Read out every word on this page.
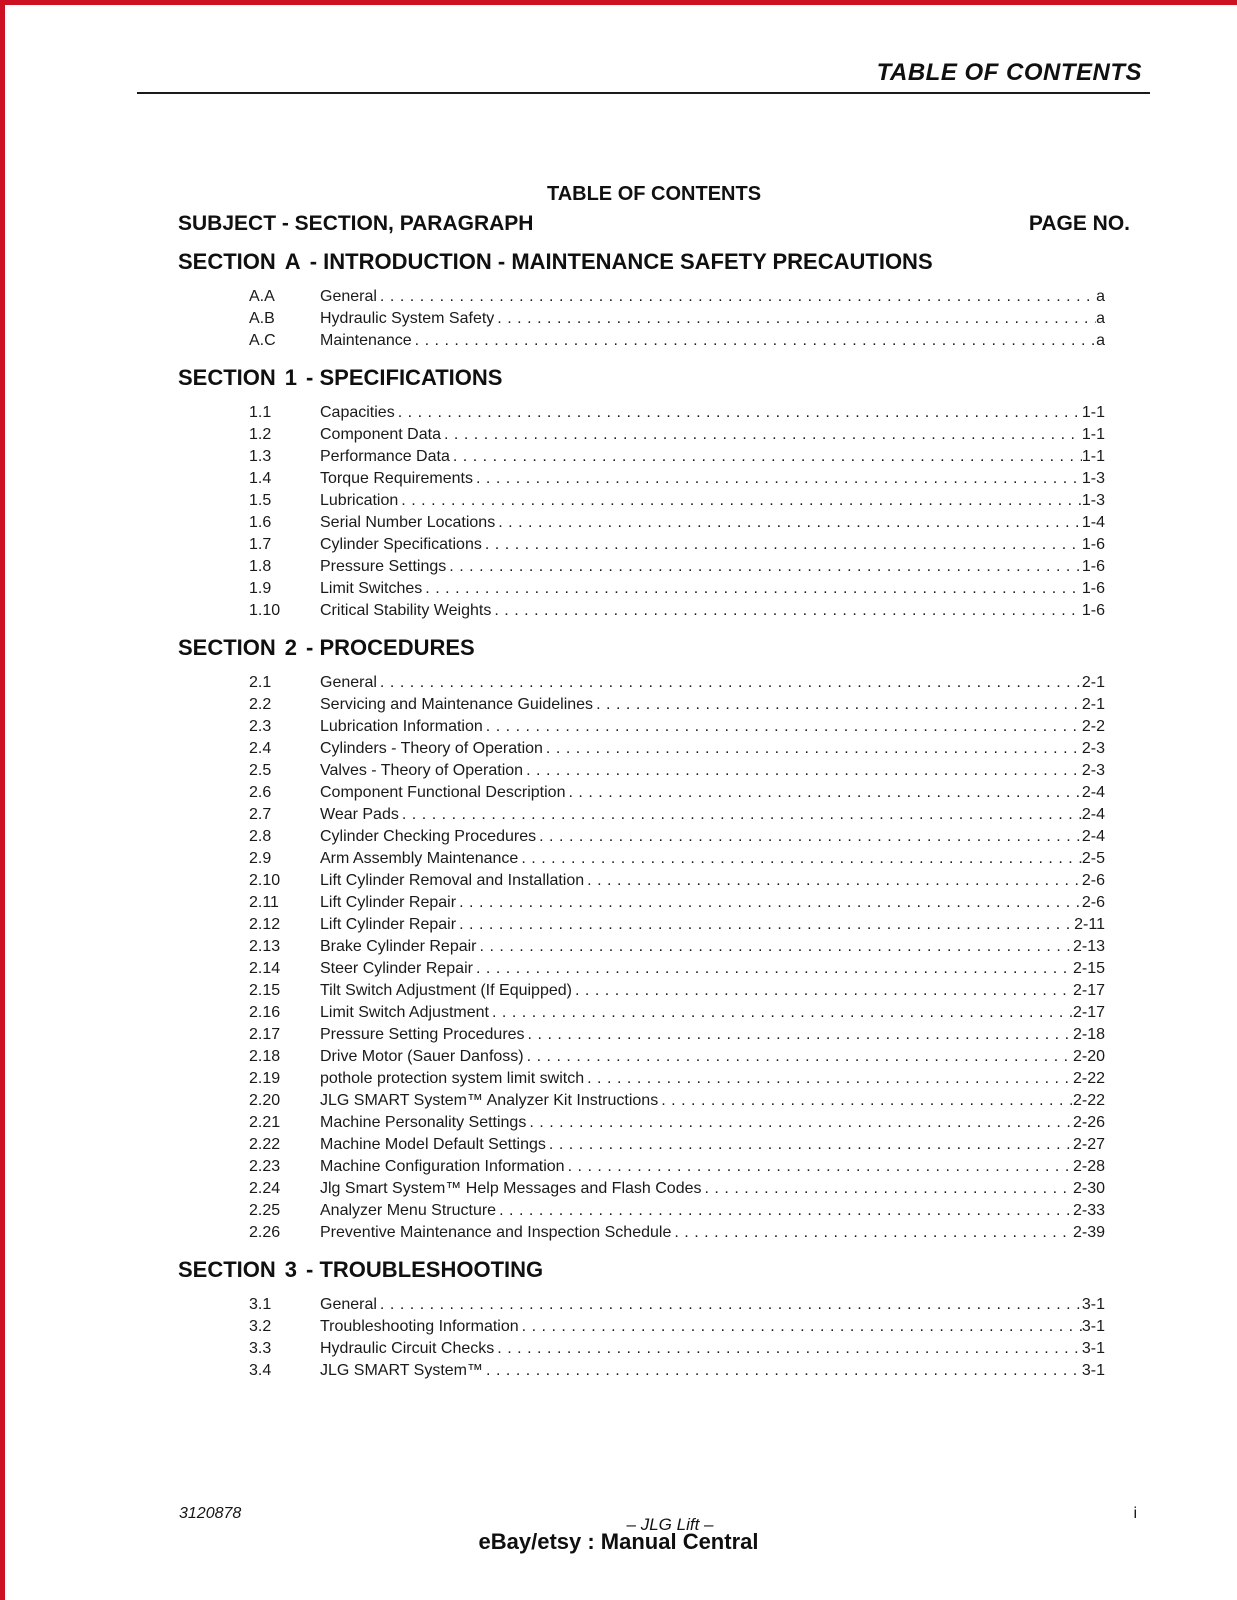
TABLE OF CONTENTS
TABLE OF CONTENTS
SUBJECT - SECTION, PARAGRAPH	PAGE NO.
SECTION A - INTRODUCTION - MAINTENANCE SAFETY PRECAUTIONS
A.A	General .....	a
A.B	Hydraulic System Safety .....	a
A.C	Maintenance .....	a
SECTION 1 - SPECIFICATIONS
1.1	Capacities .....	1-1
1.2	Component Data .....	1-1
1.3	Performance Data .....	1-1
1.4	Torque Requirements .....	1-3
1.5	Lubrication .....	1-3
1.6	Serial Number Locations .....	1-4
1.7	Cylinder Specifications .....	1-6
1.8	Pressure Settings .....	1-6
1.9	Limit Switches .....	1-6
1.10	Critical Stability Weights .....	1-6
SECTION 2 - PROCEDURES
2.1	General .....	2-1
2.2	Servicing and Maintenance Guidelines .....	2-1
2.3	Lubrication Information .....	2-2
2.4	Cylinders - Theory of Operation .....	2-3
2.5	Valves - Theory of Operation .....	2-3
2.6	Component Functional Description .....	2-4
2.7	Wear Pads .....	2-4
2.8	Cylinder Checking Procedures .....	2-4
2.9	Arm Assembly Maintenance .....	2-5
2.10	Lift Cylinder Removal and Installation .....	2-6
2.11	Lift Cylinder Repair .....	2-6
2.12	Lift Cylinder Repair .....	2-11
2.13	Brake Cylinder Repair .....	2-13
2.14	Steer Cylinder Repair .....	2-15
2.15	Tilt Switch Adjustment (If Equipped) .....	2-17
2.16	Limit Switch Adjustment .....	2-17
2.17	Pressure Setting Procedures .....	2-18
2.18	Drive Motor (Sauer Danfoss) .....	2-20
2.19	pothole protection system limit switch .....	2-22
2.20	JLG SMART System™ Analyzer Kit Instructions .....	2-22
2.21	Machine Personality Settings .....	2-26
2.22	Machine Model Default Settings .....	2-27
2.23	Machine Configuration Information .....	2-28
2.24	Jlg Smart System™ Help Messages and Flash Codes .....	2-30
2.25	Analyzer Menu Structure .....	2-33
2.26	Preventive Maintenance and Inspection Schedule .....	2-39
SECTION 3 - TROUBLESHOOTING
3.1	General .....	3-1
3.2	Troubleshooting Information .....	3-1
3.3	Hydraulic Circuit Checks .....	3-1
3.4	JLG SMART System™ .....	3-1
3120878
– JLG Lift –
eBay/etsy : Manual Central
i
